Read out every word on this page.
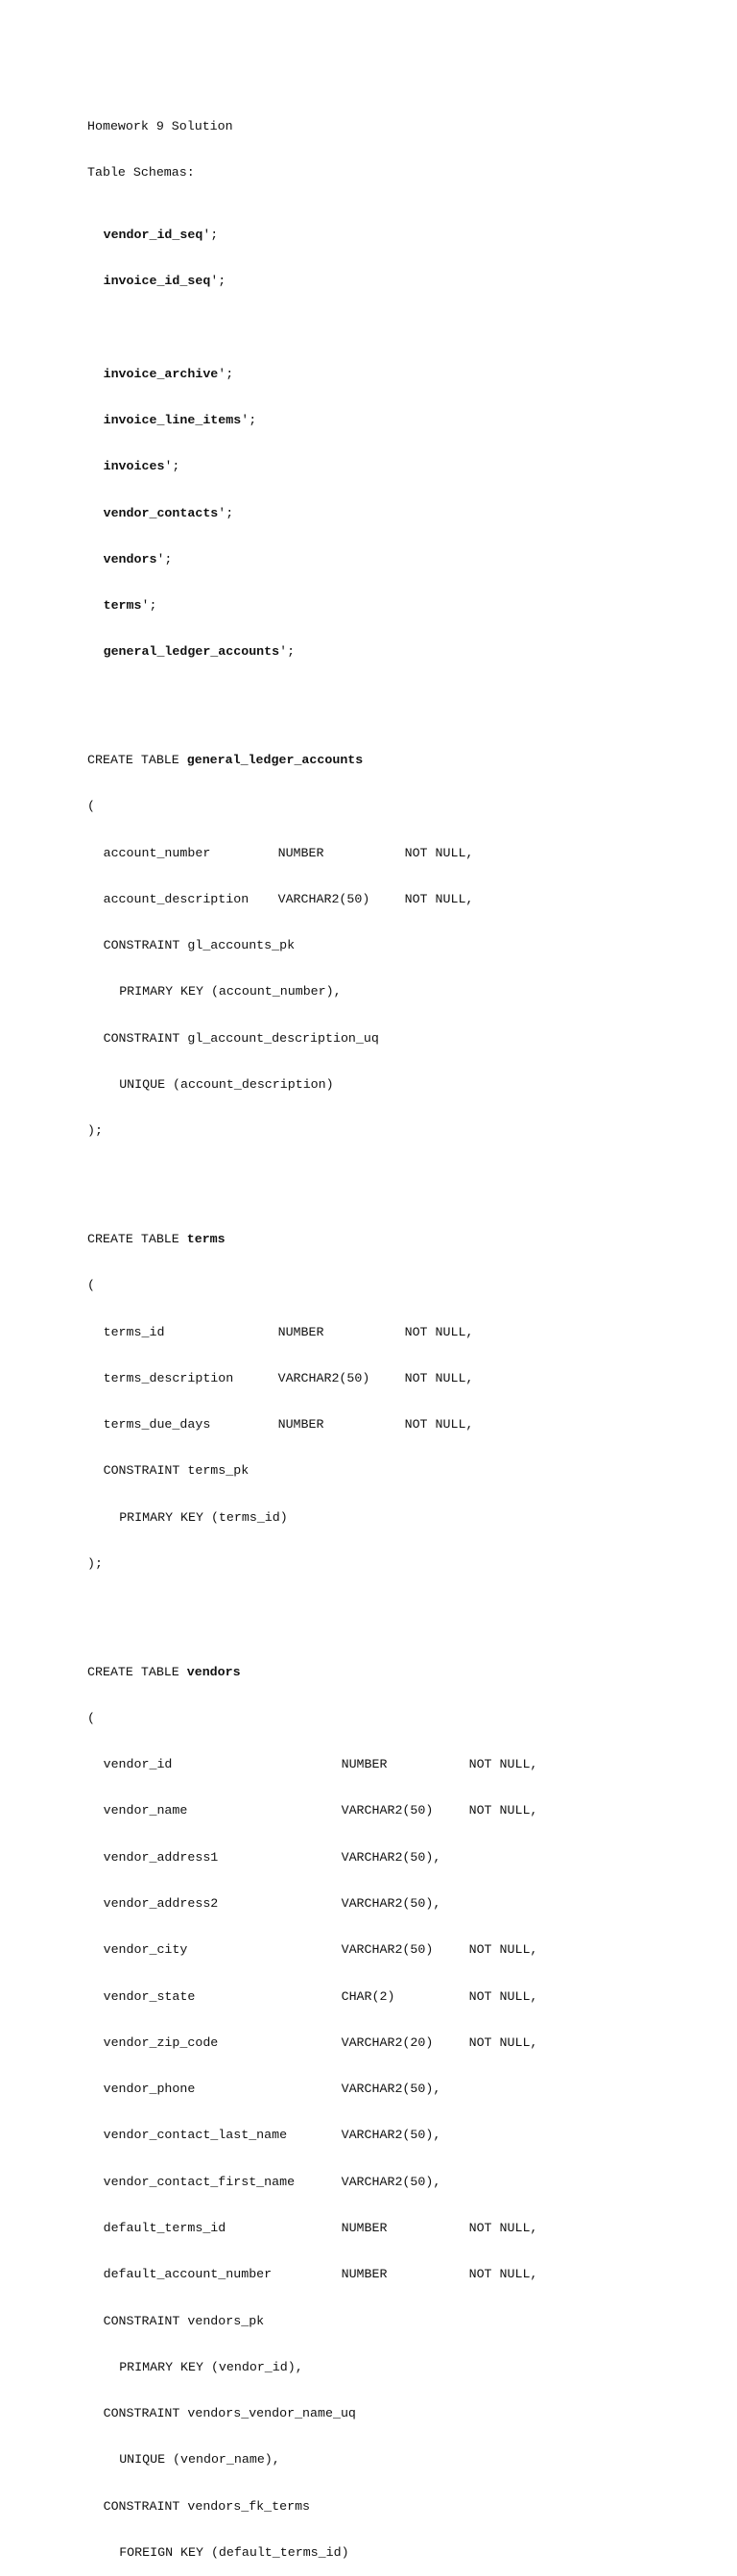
Homework 9 Solution

Table Schemas:

vendor_id_seq';

invoice_id_seq';

invoice_archive';

invoice_line_items';

invoices';

vendor_contacts';

vendors';

terms';

general_ledger_accounts';

CREATE TABLE general_ledger_accounts

(

account_number	NUMBER	NOT NULL,

account_description VARCHAR2(50)	NOT NULL,

CONSTRAINT gl_accounts_pk

PRIMARY KEY (account_number),

CONSTRAINT gl_account_description_uq

UNIQUE (account_description)

);

CREATE TABLE terms

(

terms_id	NUMBER	NOT NULL,

terms_description	VARCHAR2(50)	NOT NULL,

terms_due_days	NUMBER	NOT NULL,

CONSTRAINT terms_pk

PRIMARY KEY (terms_id)

);

CREATE TABLE vendors

(

vendor_id	NUMBER	NOT NULL,

vendor_name	VARCHAR2(50)	NOT NULL,

vendor_address1	VARCHAR2(50),

vendor_address2	VARCHAR2(50),

vendor_city	VARCHAR2(50)	NOT NULL,

vendor_state	CHAR(2)	NOT NULL,

vendor_zip_code	VARCHAR2(20)	NOT NULL,

vendor_phone	VARCHAR2(50),

vendor_contact_last_name	VARCHAR2(50),

vendor_contact_first_name	VARCHAR2(50),

default_terms_id	NUMBER	NOT NULL,

default_account_number	NUMBER	NOT NULL,

CONSTRAINT vendors_pk

PRIMARY KEY (vendor_id),

CONSTRAINT vendors_vendor_name_uq

UNIQUE (vendor_name),

CONSTRAINT vendors_fk_terms

FOREIGN KEY (default_terms_id)
